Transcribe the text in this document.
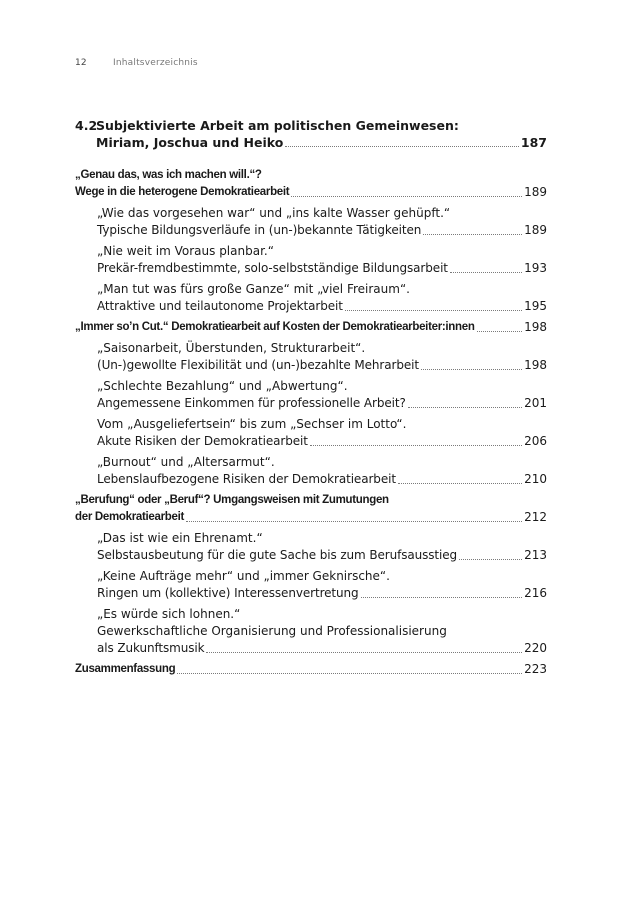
12	Inhaltsverzeichnis
4.2Subjektivierte Arbeit am politischen Gemeinwesen:
Miriam, Joschua und Heiko	187
„Genau das, was ich machen will.“?
Wege in die heterogene Demokratiearbeit	189
„Wie das vorgesehen war“ und „ins kalte Wasser gehüpft.“
Typische Bildungsverläufe in (un-)bekannte Tätigkeiten	189
„Nie weit im Voraus planbar.“
Prekär-fremdbestimmte, solo-selbstständige Bildungsarbeit	193
„Man tut was fürs große Ganze“ mit „viel Freiraum“.
Attraktive und teilautonome Projektarbeit	195
„Immer so’n Cut.“ Demokratiearbeit auf Kosten der Demokratiearbeiter:innen	198
„Saisonarbeit, Überstunden, Strukturarbeit“.
(Un-)gewollte Flexibilität und (un-)bezahlte Mehrarbeit	198
„Schlechte Bezahlung“ und „Abwertung“.
Angemessene Einkommen für professionelle Arbeit?	201
Vom „Ausgeliefertsein“ bis zum „Sechser im Lotto“.
Akute Risiken der Demokratiearbeit	206
„Burnout“ und „Altersarmut“.
Lebenslaufbezogene Risiken der Demokratiearbeit	210
„Berufung“ oder „Beruf“? Umgangsweisen mit Zumutungen
der Demokratiearbeit	212
„Das ist wie ein Ehrenamt.“
Selbstausbeutung für die gute Sache bis zum Berufsausstieg	213
„Keine Aufträge mehr“ und „immer Geknirsche“.
Ringen um (kollektive) Interessenvertretung	216
„Es würde sich lohnen.“
Gewerkschaftliche Organisierung und Professionalisierung
als Zukunftsmusik	220
Zusammenfassung	223
